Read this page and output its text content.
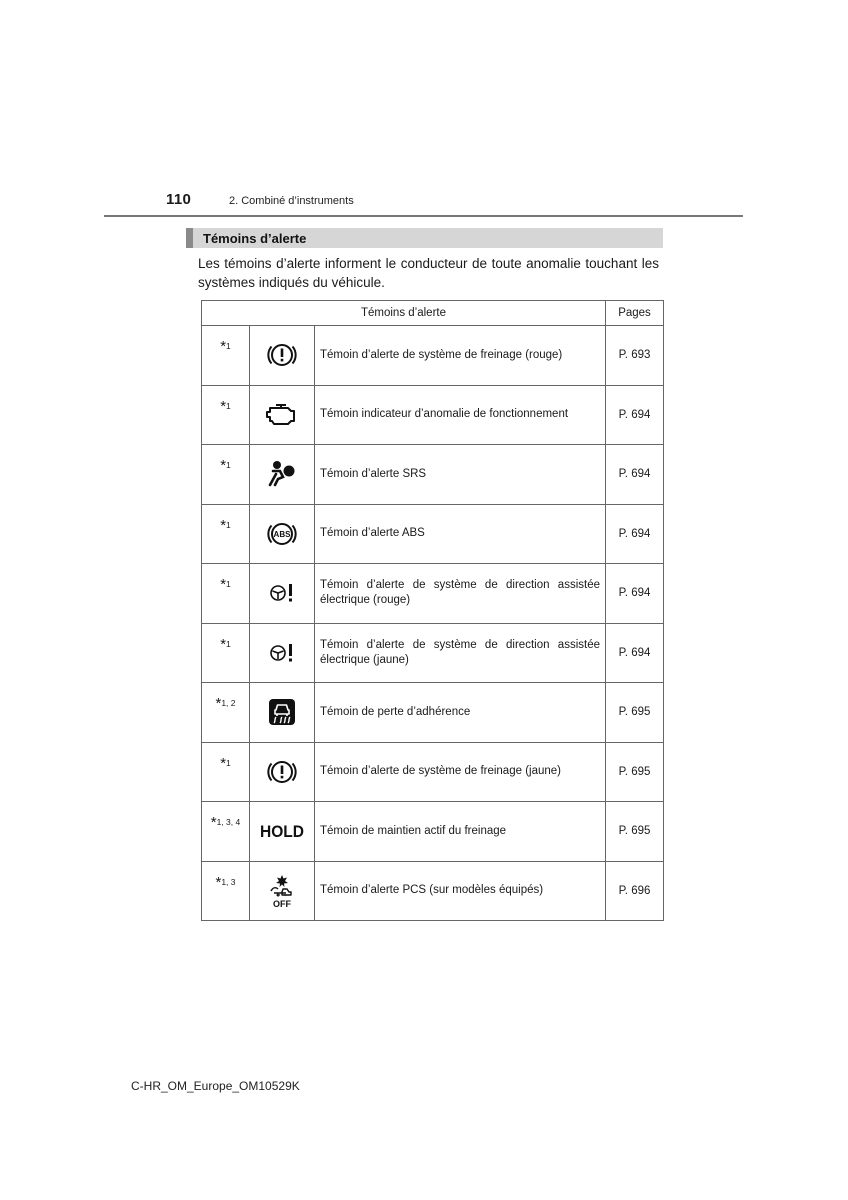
110	2. Combiné d’instruments
Témoins d’alerte
Les témoins d’alerte informent le conducteur de toute anomalie touchant les systèmes indiqués du véhicule.
Témoins d’alerte			Pages
*1		Témoin d’alerte de système de freinage (rouge)	P. 693
*1		Témoin indicateur d’anomalie de fonctionnement	P. 694
*1		Témoin d’alerte SRS	P. 694
*1	ABS	Témoin d’alerte ABS	P. 694
*1		Témoin d’alerte de système de direction assistée électrique (rouge)	P. 694
*1		Témoin d’alerte de système de direction assistée électrique (jaune)	P. 694
*1, 2		Témoin de perte d’adhérence	P. 695
*1		Témoin d’alerte de système de freinage (jaune)	P. 695
*1, 3, 4	HOLD	Témoin de maintien actif du freinage	P. 695
*1, 3	OFF	Témoin d’alerte PCS (sur modèles équipés)	P. 696
C-HR_OM_Europe_OM10529K
